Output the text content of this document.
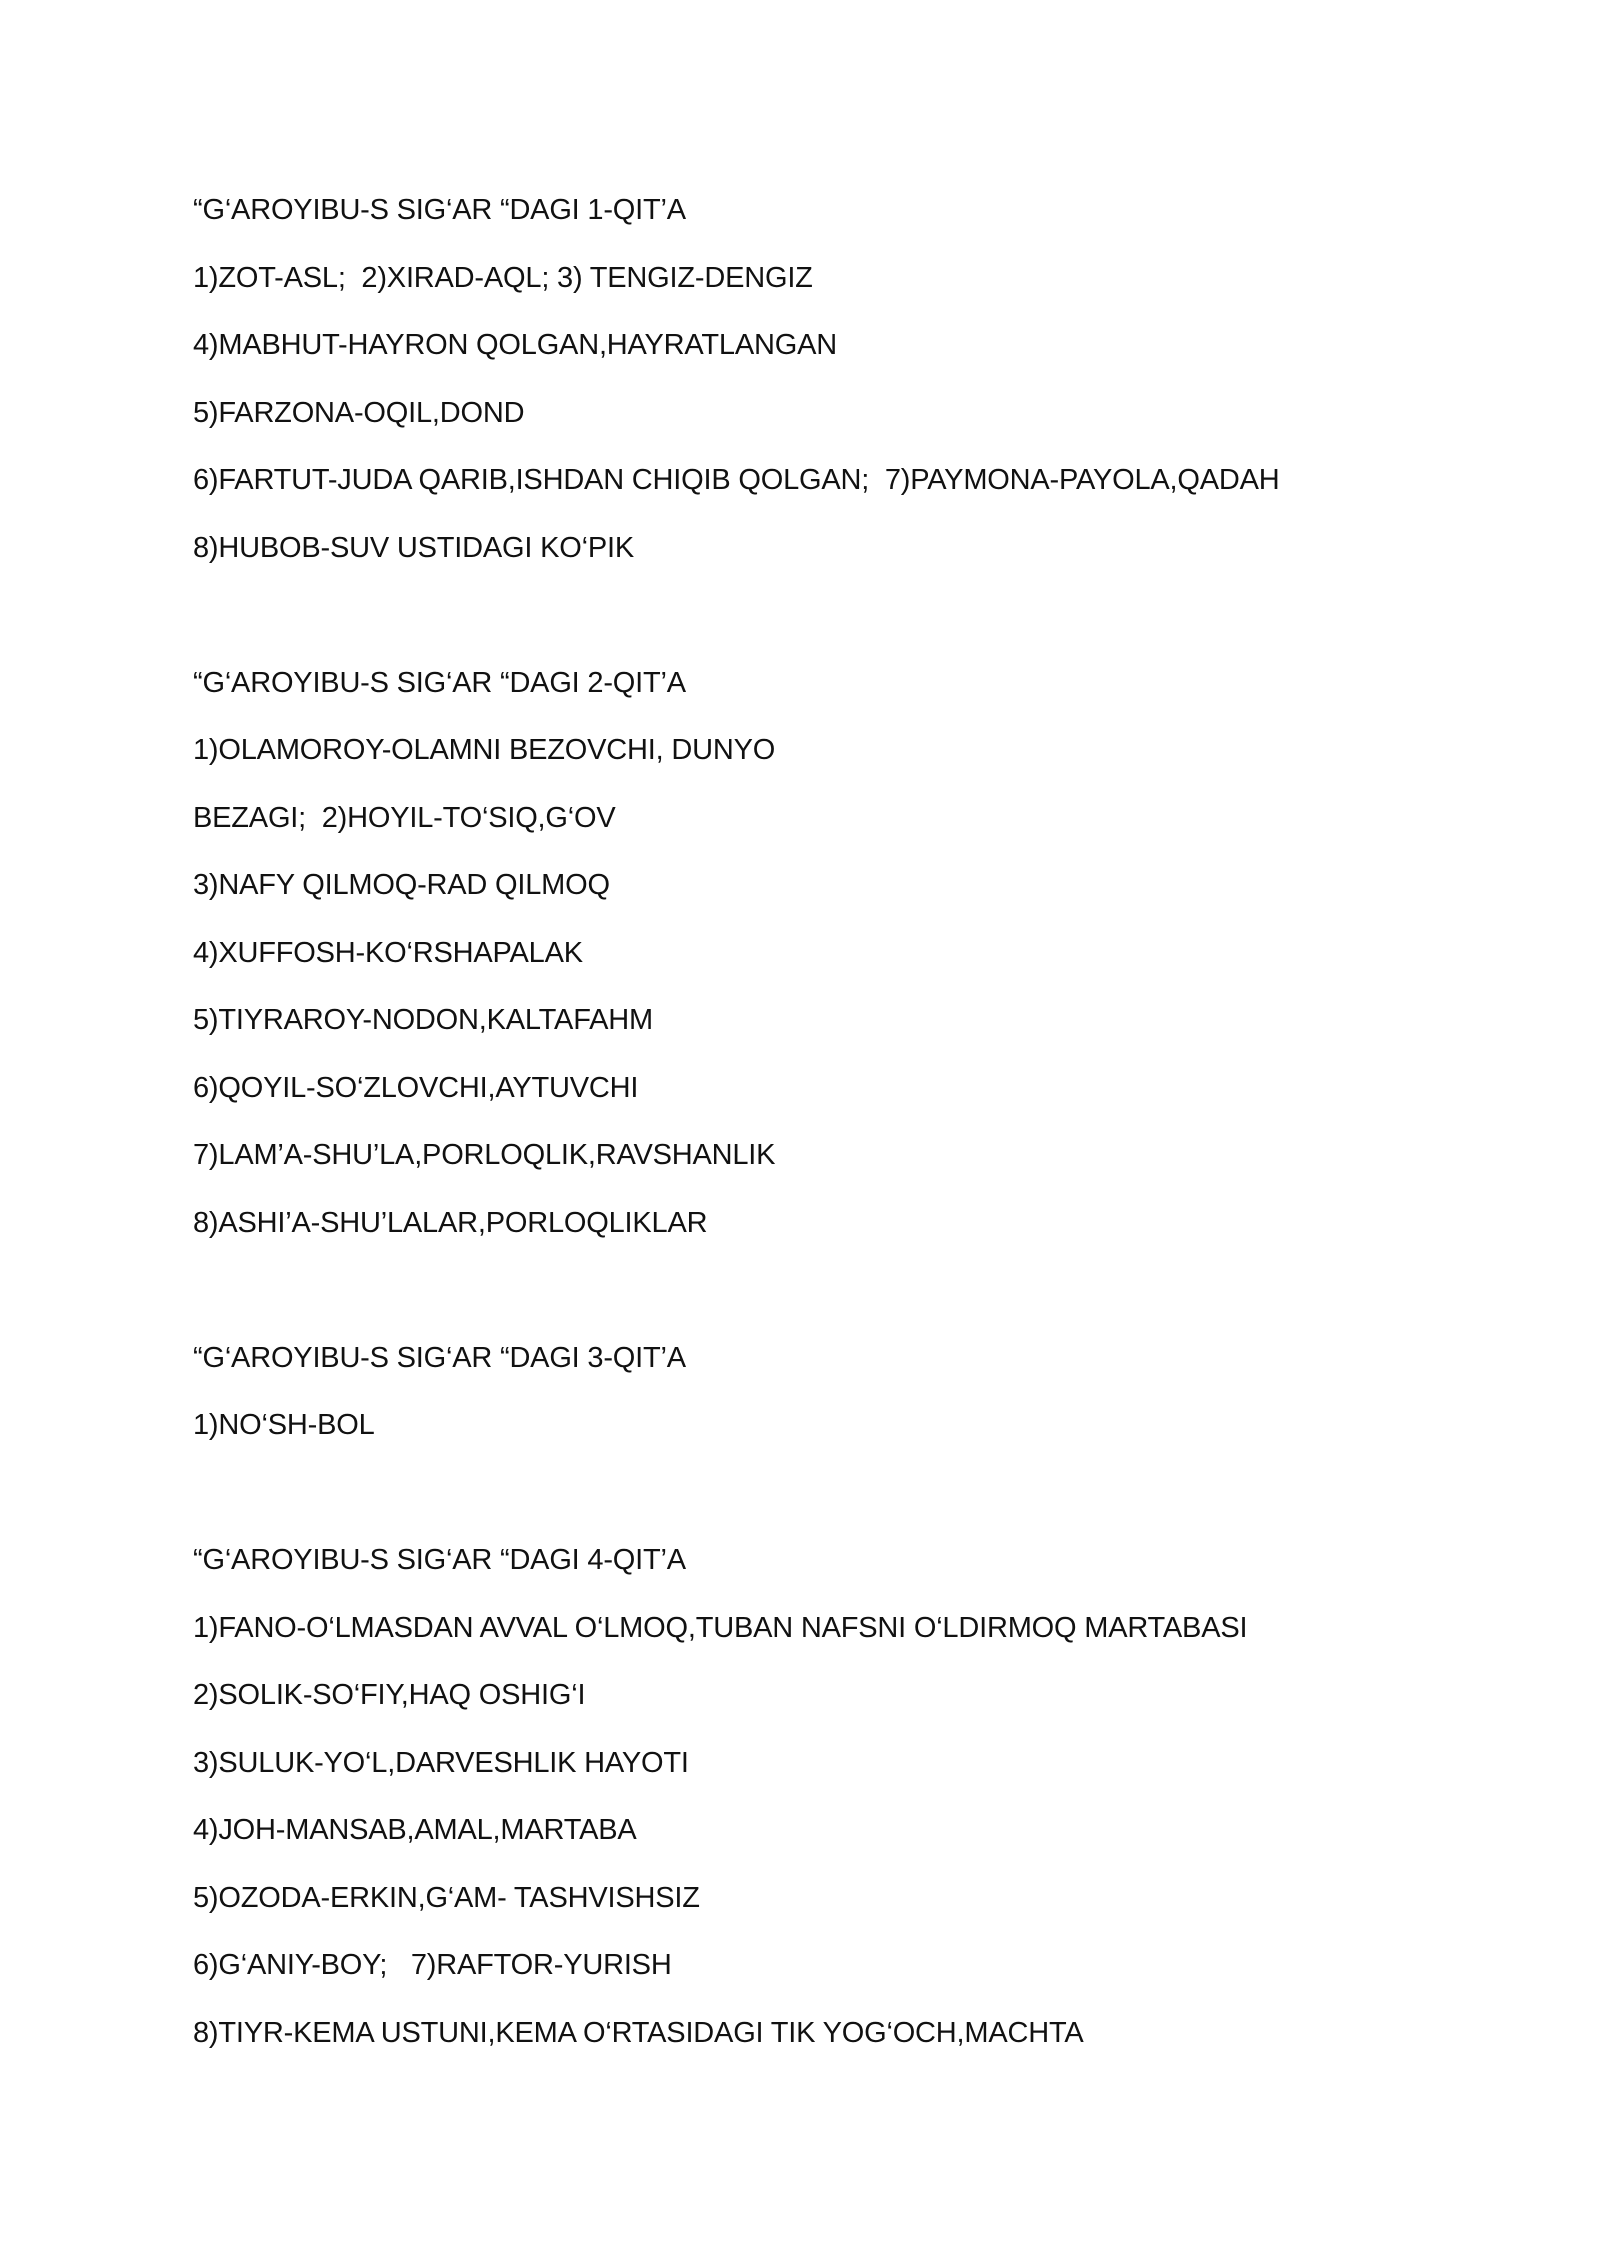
“G‘AROYIBU-S SIG‘AR “DAGI 1-QIT’A
1)ZOT-ASL;  2)XIRAD-AQL; 3) TENGIZ-DENGIZ
4)MABHUT-HAYRON QOLGAN,HAYRATLANGAN
5)FARZONA-OQIL,DOND
6)FARTUT-JUDA QARIB,ISHDAN CHIQIB QOLGAN;  7)PAYMONA-PAYOLA,QADAH
8)HUBOB-SUV USTIDAGI KO‘PIK
“G‘AROYIBU-S SIG‘AR “DAGI 2-QIT’A
1)OLAMOROY-OLAMNI BEZOVCHI, DUNYO
BEZAGI;  2)HOYIL-TO‘SIQ,G‘OV
3)NAFY QILMOQ-RAD QILMOQ
4)XUFFOSH-KO‘RSHAPALAK
5)TIYRAROY-NODON,KALTAFAHM
6)QOYIL-SO‘ZLOVCHI,AYTUVCHI
7)LAM’A-SHU’LA,PORLOQLIK,RAVSHANLIK
8)ASHI’A-SHU’LALAR,PORLOQLIKLAR
“G‘AROYIBU-S SIG‘AR “DAGI 3-QIT’A
1)NO‘SH-BOL
“G‘AROYIBU-S SIG‘AR “DAGI 4-QIT’A
1)FANO-O‘LMASDAN AVVAL O‘LMOQ,TUBAN NAFSNI O‘LDIRMOQ MARTABASI
2)SOLIK-SO‘FIY,HAQ OSHIG‘I
3)SULUK-YO‘L,DARVESHLIK HAYOTI
4)JOH-MANSAB,AMAL,MARTABA
5)OZODA-ERKIN,G‘AM- TASHVISHSIZ
6)G‘ANIY-BOY;   7)RAFTOR-YURISH
8)TIYR-KEMA USTUNI,KEMA O‘RTASIDAGI TIK YOG‘OCH,MACHTA
